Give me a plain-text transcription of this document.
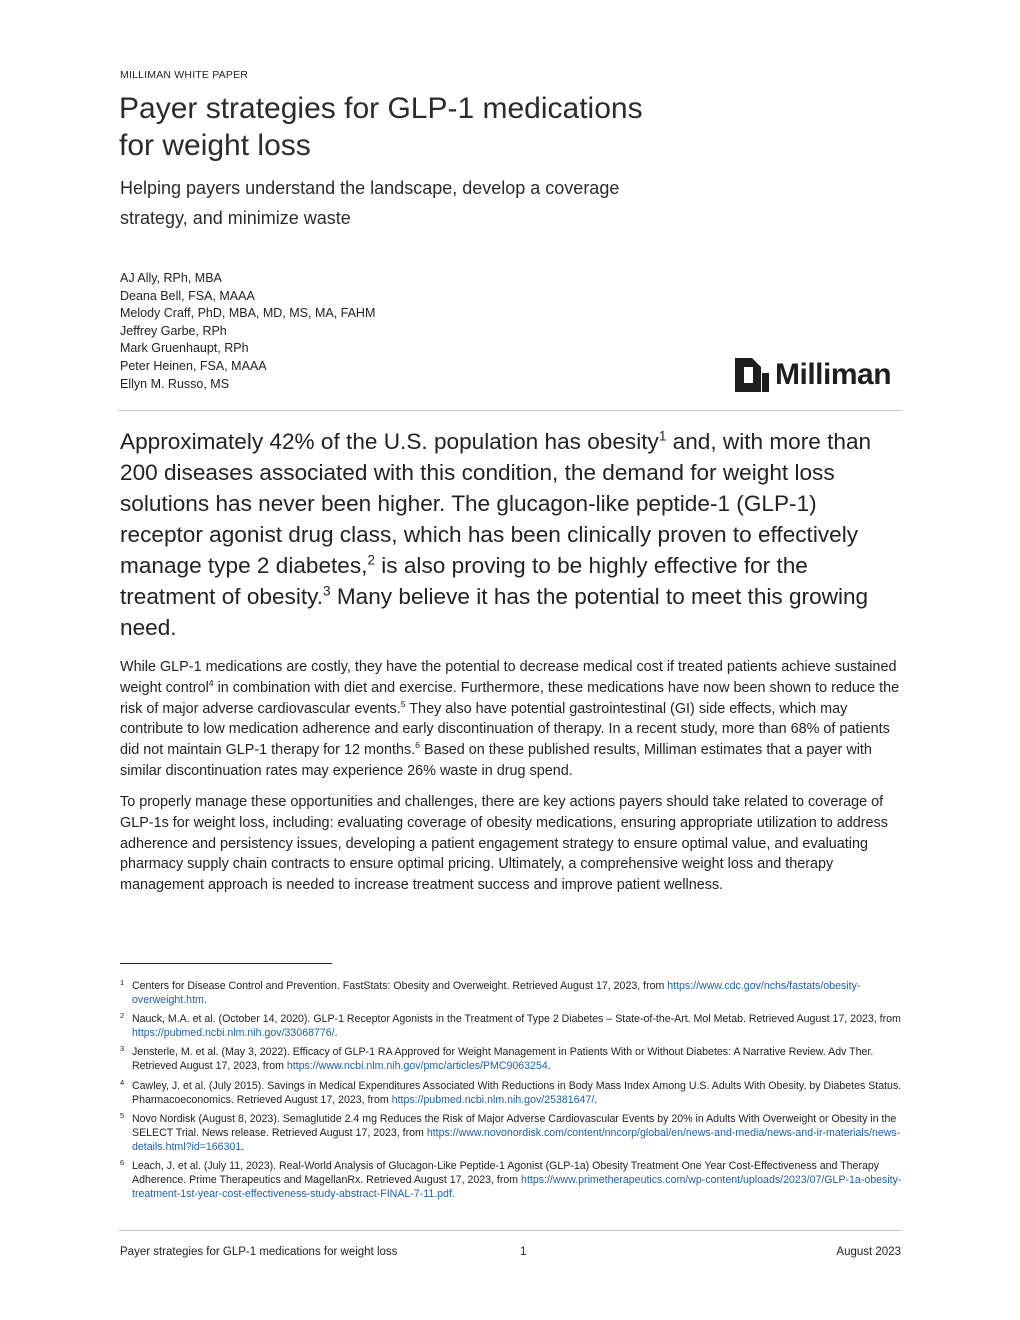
MILLIMAN WHITE PAPER
Payer strategies for GLP-1 medications for weight loss
Helping payers understand the landscape, develop a coverage strategy, and minimize waste
AJ Ally, RPh, MBA
Deana Bell, FSA, MAAA
Melody Craff, PhD, MBA, MD, MS, MA, FAHM
Jeffrey Garbe, RPh
Mark Gruenhaupt, RPh
Peter Heinen, FSA, MAAA
Ellyn M. Russo, MS	Milliman
Approximately 42% of the U.S. population has obesity$^1$ and, with more than 200 diseases associated with this condition, the demand for weight loss solutions has never been higher. The glucagon-like peptide-1 (GLP-1) receptor agonist drug class, which has been clinically proven to effectively manage type 2 diabetes,$^2$ is also proving to be highly effective for the treatment of obesity.$^3$ Many believe it has the potential to meet this growing need.
While GLP-1 medications are costly, they have the potential to decrease medical cost if treated patients achieve sustained weight control$^4$ in combination with diet and exercise. Furthermore, these medications have now been shown to reduce the risk of major adverse cardiovascular events.$^5$ They also have potential gastrointestinal (GI) side effects, which may contribute to low medication adherence and early discontinuation of therapy. In a recent study, more than 68% of patients did not maintain GLP-1 therapy for 12 months.$^6$ Based on these published results, Milliman estimates that a payer with similar discontinuation rates may experience 26% waste in drug spend.
To properly manage these opportunities and challenges, there are key actions payers should take related to coverage of GLP-1s for weight loss, including: evaluating coverage of obesity medications, ensuring appropriate utilization to address adherence and persistency issues, developing a patient engagement strategy to ensure optimal value, and evaluating pharmacy supply chain contracts to ensure optimal pricing. Ultimately, a comprehensive weight loss and therapy management approach is needed to increase treatment success and improve patient wellness.
1 Centers for Disease Control and Prevention. FastStats: Obesity and Overweight. Retrieved August 17, 2023, from https://www.cdc.gov/nchs/fastats/obesity-overweight.htm.
2 Nauck, M.A. et al. (October 14, 2020). GLP-1 Receptor Agonists in the Treatment of Type 2 Diabetes – State-of-the-Art. Mol Metab. Retrieved August 17, 2023, from https://pubmed.ncbi.nlm.nih.gov/33068776/.
3 Jensterle, M. et al. (May 3, 2022). Efficacy of GLP-1 RA Approved for Weight Management in Patients With or Without Diabetes: A Narrative Review. Adv Ther. Retrieved August 17, 2023, from https://www.ncbi.nlm.nih.gov/pmc/articles/PMC9063254.
4 Cawley, J. et al. (July 2015). Savings in Medical Expenditures Associated With Reductions in Body Mass Index Among U.S. Adults With Obesity, by Diabetes Status. Pharmacoeconomics. Retrieved August 17, 2023, from https://pubmed.ncbi.nlm.nih.gov/25381647/.
5 Novo Nordisk (August 8, 2023). Semaglutide 2.4 mg Reduces the Risk of Major Adverse Cardiovascular Events by 20% in Adults With Overweight or Obesity in the SELECT Trial. News release. Retrieved August 17, 2023, from https://www.novonordisk.com/content/nncorp/global/en/news-and-media/news-and-ir-materials/news-details.html?id=166301.
6 Leach, J. et al. (July 11, 2023). Real-World Analysis of Glucagon-Like Peptide-1 Agonist (GLP-1a) Obesity Treatment One Year Cost-Effectiveness and Therapy Adherence. Prime Therapeutics and MagellanRx. Retrieved August 17, 2023, from https://www.primetherapeutics.com/wp-content/uploads/2023/07/GLP-1a-obesity-treatment-1st-year-cost-effectiveness-study-abstract-FINAL-7-11.pdf.
Payer strategies for GLP-1 medications for weight loss	1	August 2023
